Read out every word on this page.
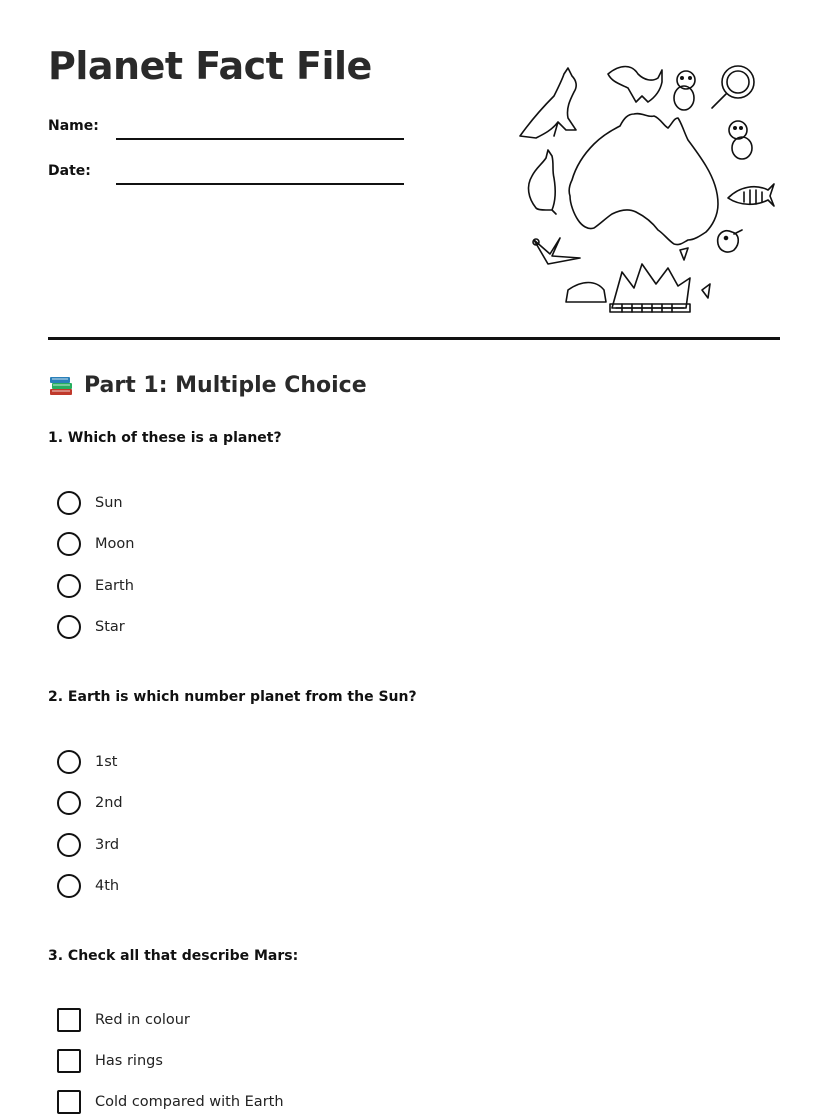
Planet Fact File
Name:
Date:
Part 1: Multiple Choice
1. Which of these is a planet?
Sun
Moon
Earth
Star
2. Earth is which number planet from the Sun?
1st
2nd
3rd
4th
3. Check all that describe Mars:
Red in colour
Has rings
Cold compared with Earth
